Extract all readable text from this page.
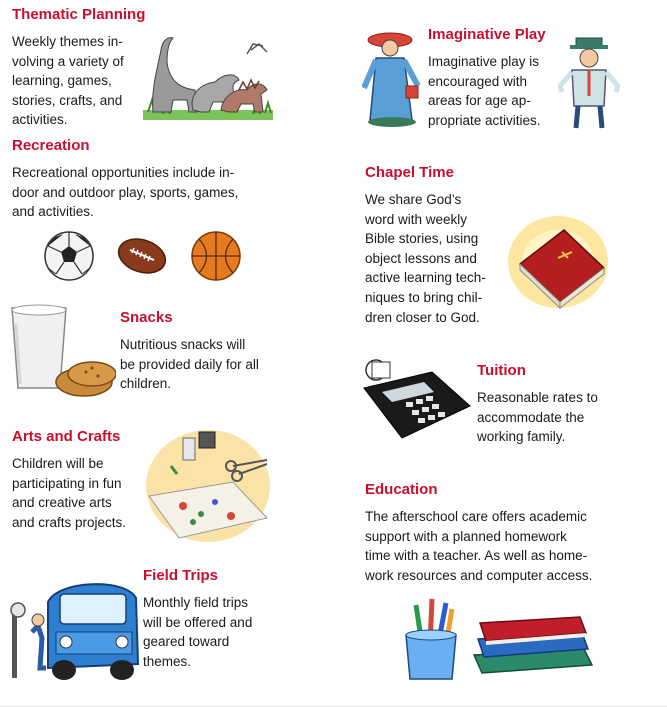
Thematic Planning
Weekly themes in-
volving a variety of
learning, games,
stories, crafts, and
activities.
Recreation
Recreational opportunities include in-
door and outdoor play, sports, games,
and activities.
Snacks
Nutritious snacks will
be provided daily for all
children.
Arts and Crafts
Children will be
participating in fun
and creative arts
and crafts projects.
Field Trips
Monthly field trips
will be offered and
geared toward
themes.
Imaginative Play
Imaginative play is
encouraged with
areas for age ap-
propriate activities.
Chapel Time
We share God’s
word with weekly
Bible stories, using
object lessons and
active learning tech-
niques to bring chil-
dren closer to God.
Tuition
Reasonable rates to
accommodate the
working family.
Education
The afterschool care offers academic
support with a planned homework
time with a teacher. As well as home-
work resources and computer access.
